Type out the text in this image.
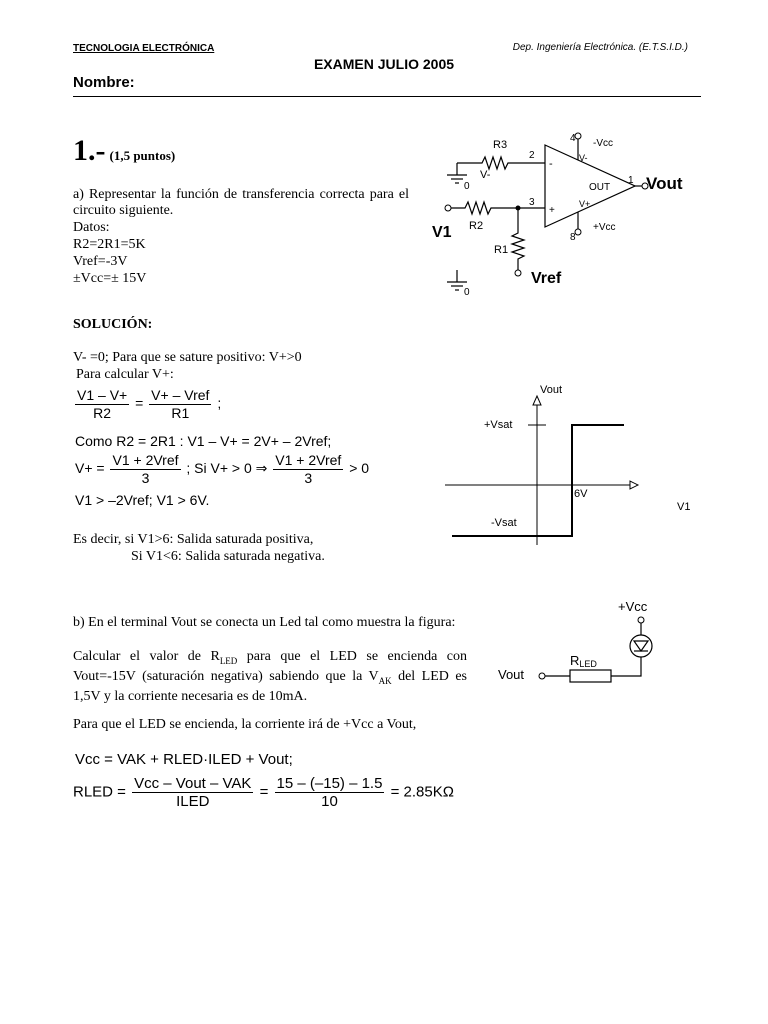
TECNOLOGIA ELECTRÓNICA	Dep. Ingeniería Electrónica. (E.T.S.I.D.)
EXAMEN JULIO 2005
Nombre:
1.- (1,5 puntos)

a) Representar la función de transferencia correcta para el circuito siguiente.

Datos:

R2=2R1=5K

Vref=-3V

±Vcc=± 15V

R3
0
V-
2
3
4 -Vcc
-
+
V-
V+
OUT
1 Vout
8
+Vcc
V1 R2
R1
Vref
0
SOLUCIÓN:

V- =0; Para que se sature positivo: V+>0

Para calcular V+:

$\frac{V1 - V+}{R2} = \frac{\text{V+ – Vref}}{R1}$ ;
Como R2 = 2R1 : V1 – V+ = 2V+ – 2Vref;
$V+ = \frac{\text{V1 + 2Vref}}{3}$ ; Si V+ > 0 ⇒ $\frac{\text{V1 + 2Vref}}{3} > 0$
V1 > –2Vref; V1 > 6V.

Es decir, si V1>6: Salida saturada positiva,

Si V1<6: Salida saturada negativa.

Vout
+Vsat
-Vsat
6V
V1

b) En el terminal Vout se conecta un Led tal como muestra la figura:

Calcular el valor de $R_{LED}$ para que el LED se encienda con Vout=-15V (saturación negativa) sabiendo que la $V_{AK}$ del LED es 1,5V y la corriente necesaria es de 10mA.

Para que el LED se encienda, la corriente irá de +Vcc a Vout,

+Vcc
RLED
Vout
Vcc = VAK + RLED·ILED + Vout;
RLED = $\frac{\text{Vcc – Vout – VAK}}{\text{ILED}} = \frac{15 - (-15) - 1.5}{10} = 2.85K\Omega$
